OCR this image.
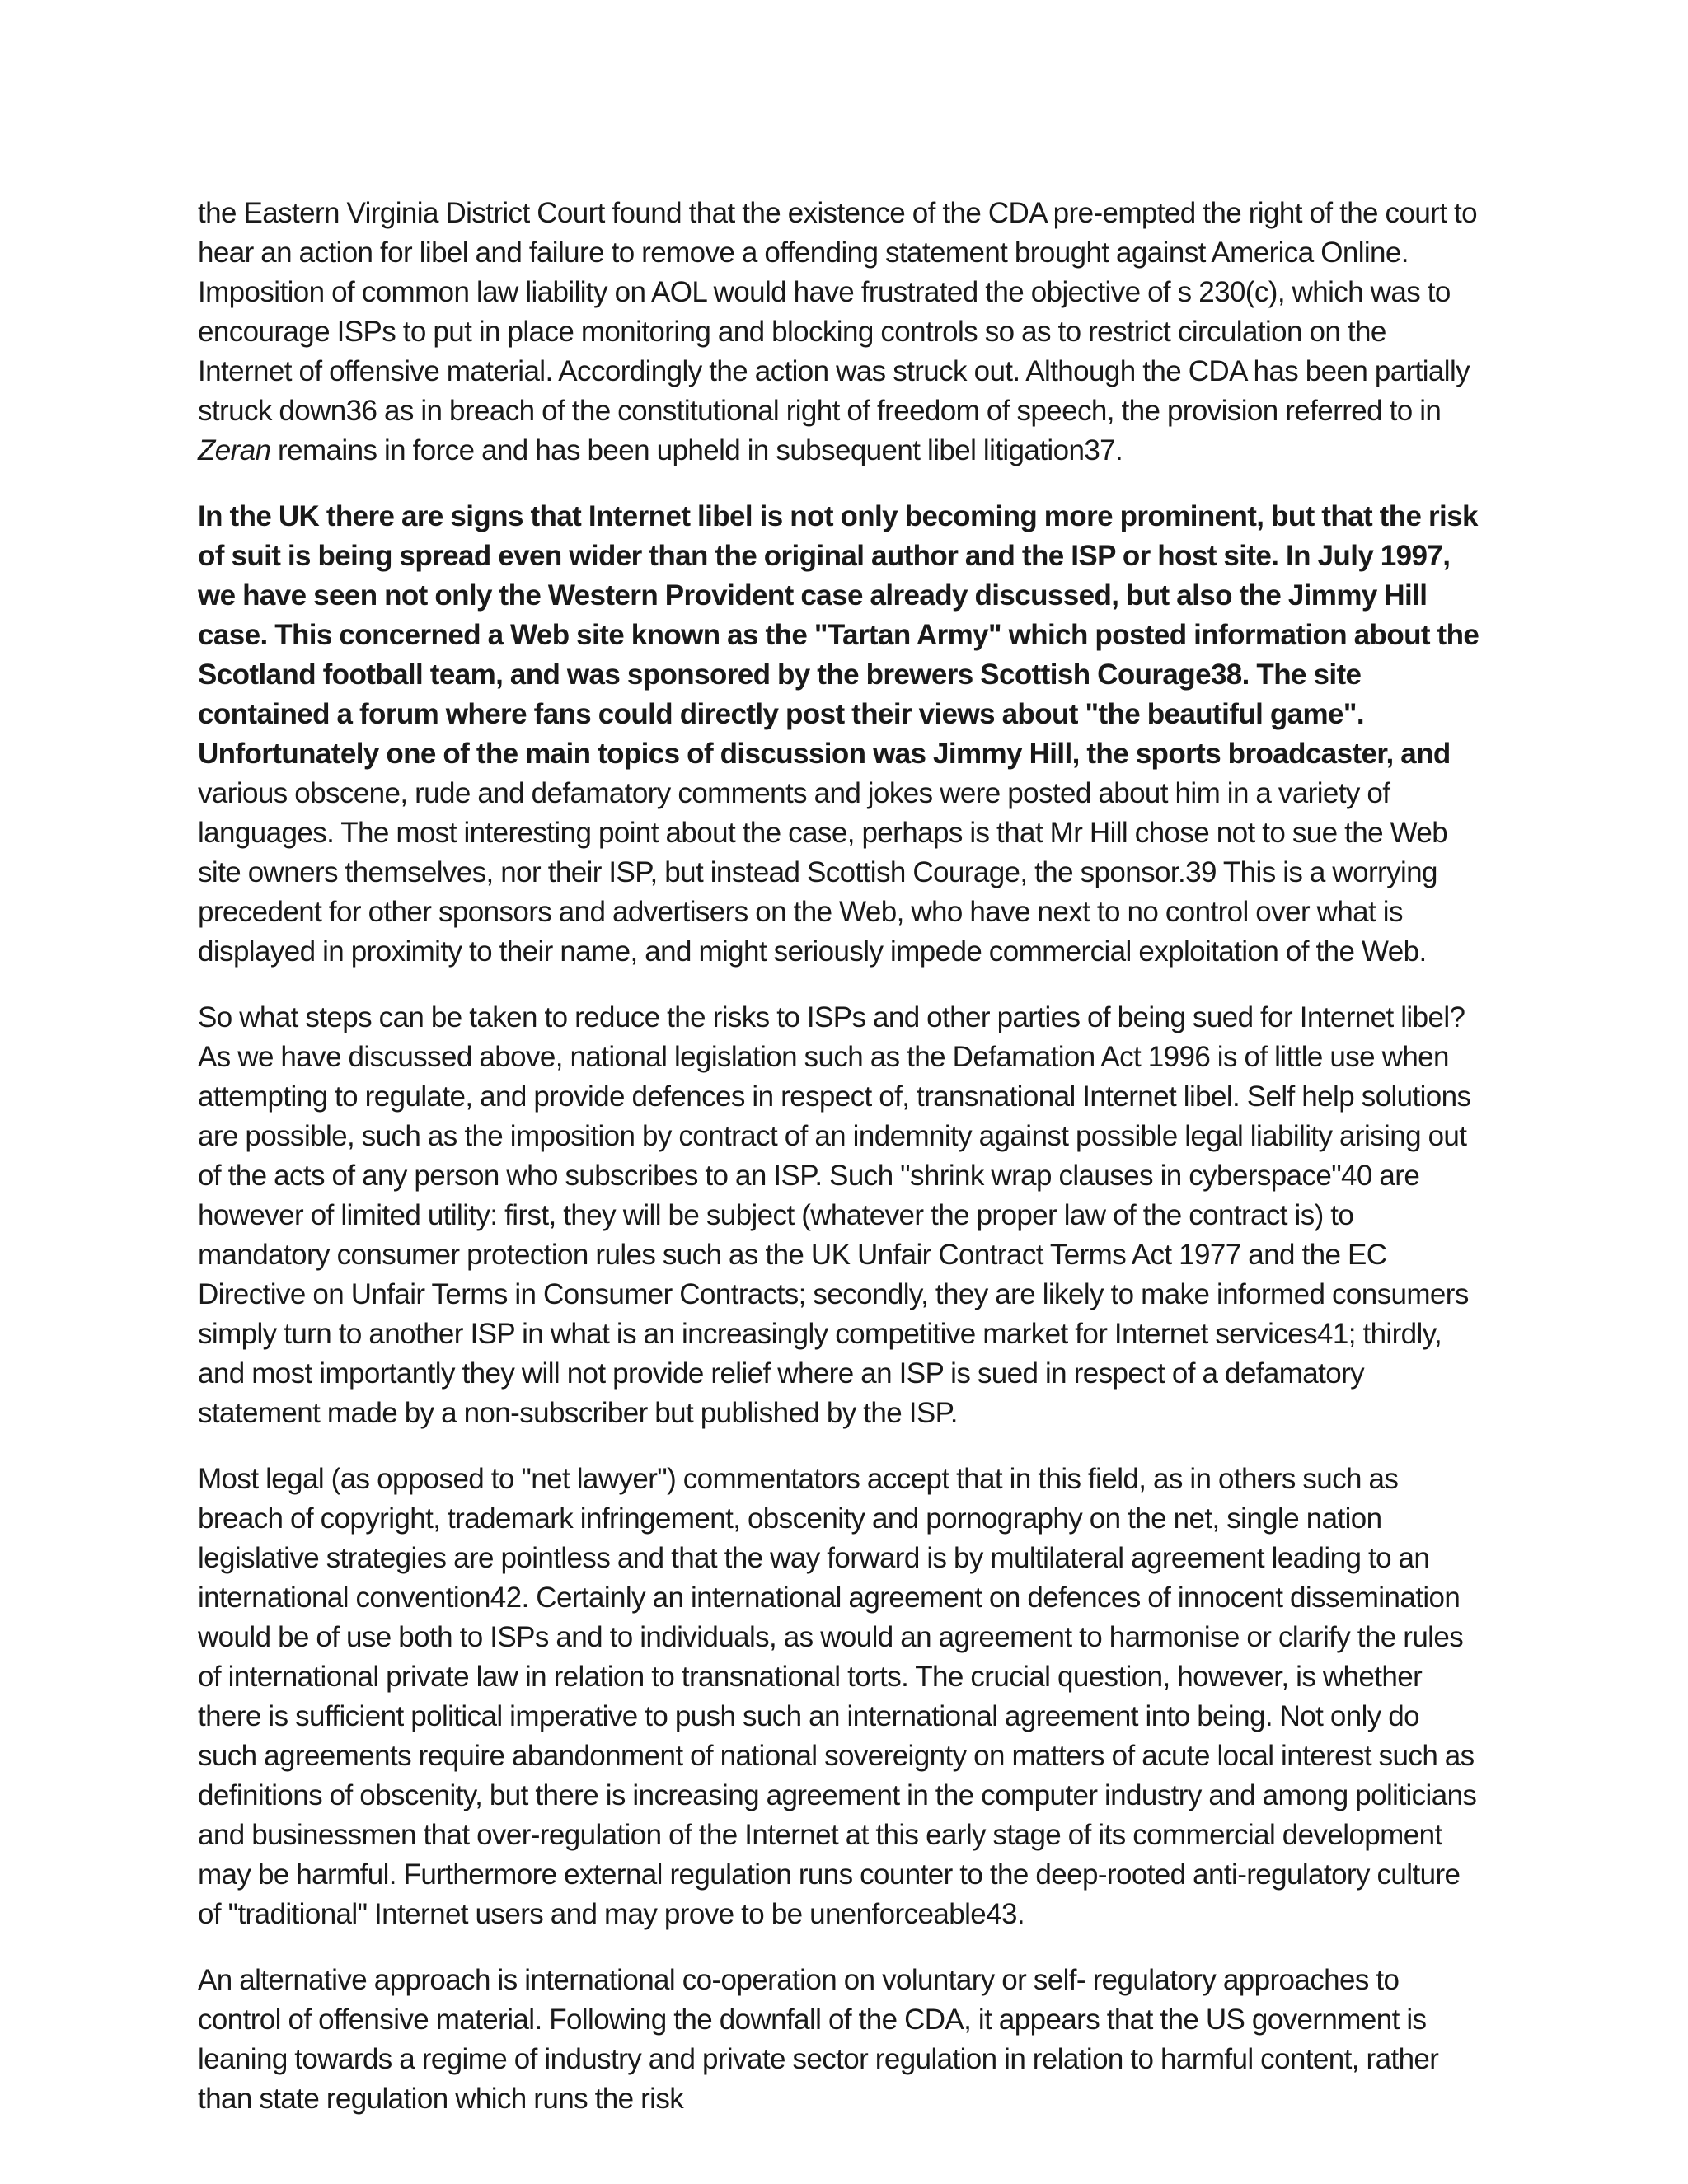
the Eastern Virginia District Court found that the existence of the CDA pre-empted the right of the court to hear an action for libel and failure to remove a offending statement brought against America Online. Imposition of common law liability on AOL would have frustrated the objective of s 230(c), which was to encourage ISPs to put in place monitoring and blocking controls so as to restrict circulation on the Internet of offensive material. Accordingly the action was struck out. Although the CDA has been partially struck down36 as in breach of the constitutional right of freedom of speech, the provision referred to in Zeran remains in force and has been upheld in subsequent libel litigation37.

In the UK there are signs that Internet libel is not only becoming more prominent, but that the risk of suit is being spread even wider than the original author and the ISP or host site. In July 1997, we have seen not only the Western Provident case already discussed, but also the Jimmy Hill case. This concerned a Web site known as the "Tartan Army" which posted information about the Scotland football team, and was sponsored by the brewers Scottish Courage38. The site contained a forum where fans could directly post their views about "the beautiful game". Unfortunately one of the main topics of discussion was Jimmy Hill, the sports broadcaster, and various obscene, rude and defamatory comments and jokes were posted about him in a variety of languages. The most interesting point about the case, perhaps is that Mr Hill chose not to sue the Web site owners themselves, nor their ISP, but instead Scottish Courage, the sponsor.39 This is a worrying precedent for other sponsors and advertisers on the Web, who have next to no control over what is displayed in proximity to their name, and might seriously impede commercial exploitation of the Web.

So what steps can be taken to reduce the risks to ISPs and other parties of being sued for Internet libel? As we have discussed above, national legislation such as the Defamation Act 1996 is of little use when attempting to regulate, and provide defences in respect of, transnational Internet libel. Self help solutions are possible, such as the imposition by contract of an indemnity against possible legal liability arising out of the acts of any person who subscribes to an ISP. Such "shrink wrap clauses in cyberspace"40 are however of limited utility: first, they will be subject (whatever the proper law of the contract is) to mandatory consumer protection rules such as the UK Unfair Contract Terms Act 1977 and the EC Directive on Unfair Terms in Consumer Contracts; secondly, they are likely to make informed consumers simply turn to another ISP in what is an increasingly competitive market for Internet services41; thirdly, and most importantly they will not provide relief where an ISP is sued in respect of a defamatory statement made by a non-subscriber but published by the ISP.

Most legal (as opposed to "net lawyer") commentators accept that in this field, as in others such as breach of copyright, trademark infringement, obscenity and pornography on the net, single nation legislative strategies are pointless and that the way forward is by multilateral agreement leading to an international convention42. Certainly an international agreement on defences of innocent dissemination would be of use both to ISPs and to individuals, as would an agreement to harmonise or clarify the rules of international private law in relation to transnational torts. The crucial question, however, is whether there is sufficient political imperative to push such an international agreement into being. Not only do such agreements require abandonment of national sovereignty on matters of acute local interest such as definitions of obscenity, but there is increasing agreement in the computer industry and among politicians and businessmen that over-regulation of the Internet at this early stage of its commercial development may be harmful. Furthermore external regulation runs counter to the deep-rooted anti-regulatory culture of "traditional" Internet users and may prove to be unenforceable43.

An alternative approach is international co-operation on voluntary or self- regulatory approaches to control of offensive material. Following the downfall of the CDA, it appears that the US government is leaning towards a regime of industry and private sector regulation in relation to harmful content, rather than state regulation which runs the risk
